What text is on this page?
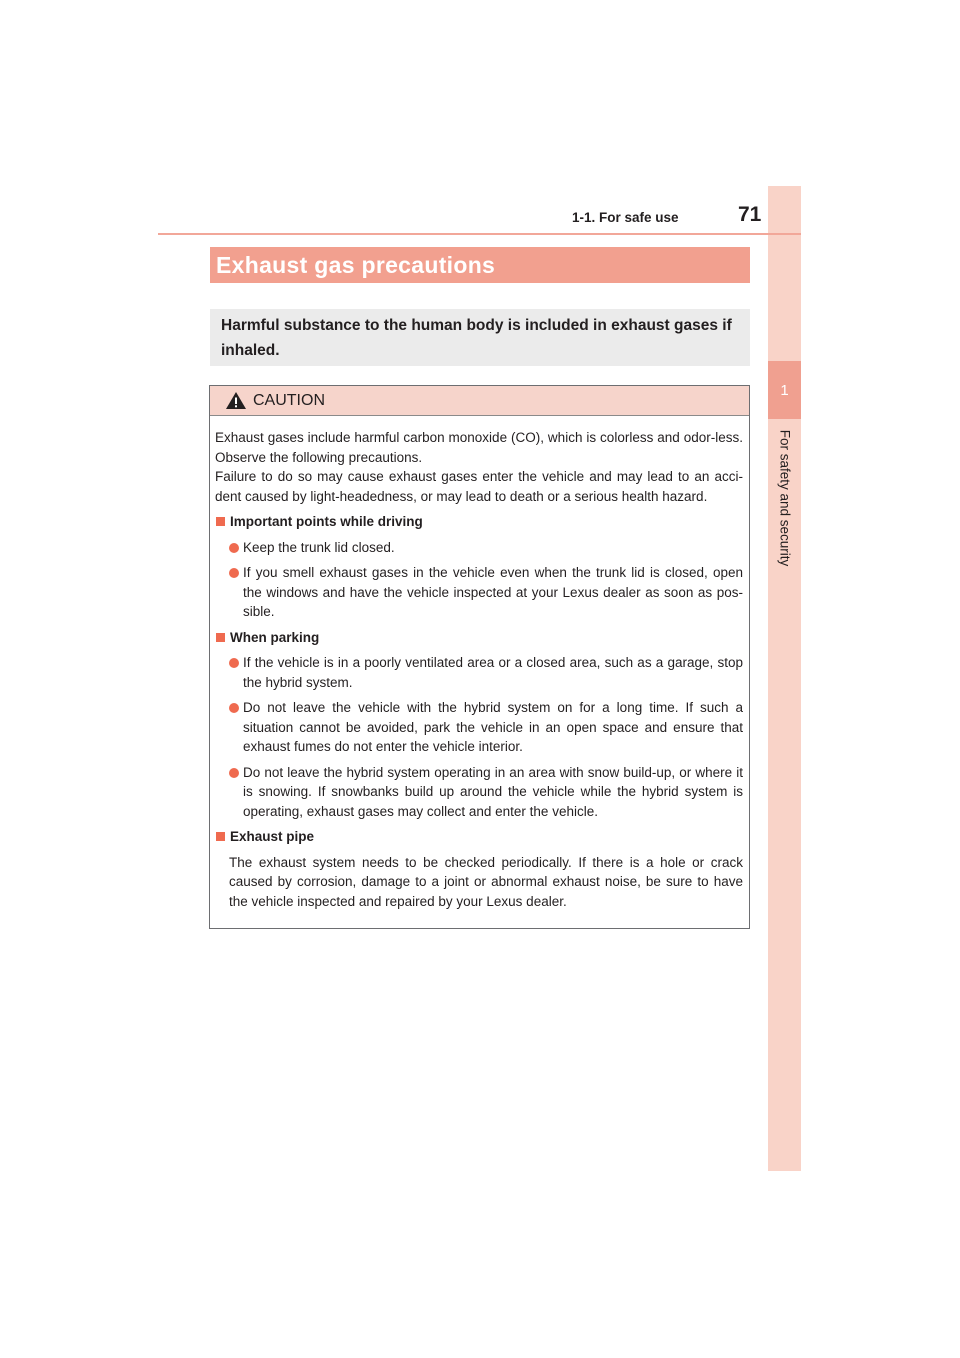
1
For safety and security
1-1. For safe use	71
Exhaust gas precautions
Harmful substance to the human body is included in exhaust gases if inhaled.
CAUTION

Exhaust gases include harmful carbon monoxide (CO), which is colorless and odor-less. Observe the following precautions.

Failure to do so may cause exhaust gases enter the vehicle and may lead to an acci-dent caused by light-headedness, or may lead to death or a serious health hazard.

Important points while driving
Keep the trunk lid closed.
If you smell exhaust gases in the vehicle even when the trunk lid is closed, open the windows and have the vehicle inspected at your Lexus dealer as soon as pos-sible.
When parking
If the vehicle is in a poorly ventilated area or a closed area, such as a garage, stop the hybrid system.
Do not leave the vehicle with the hybrid system on for a long time. If such a situation cannot be avoided, park the vehicle in an open space and ensure that exhaust fumes do not enter the vehicle interior.
Do not leave the hybrid system operating in an area with snow build-up, or where it is snowing. If snowbanks build up around the vehicle while the hybrid system is operating, exhaust gases may collect and enter the vehicle.
Exhaust pipe
The exhaust system needs to be checked periodically. If there is a hole or crack caused by corrosion, damage to a joint or abnormal exhaust noise, be sure to have the vehicle inspected and repaired by your Lexus dealer.
